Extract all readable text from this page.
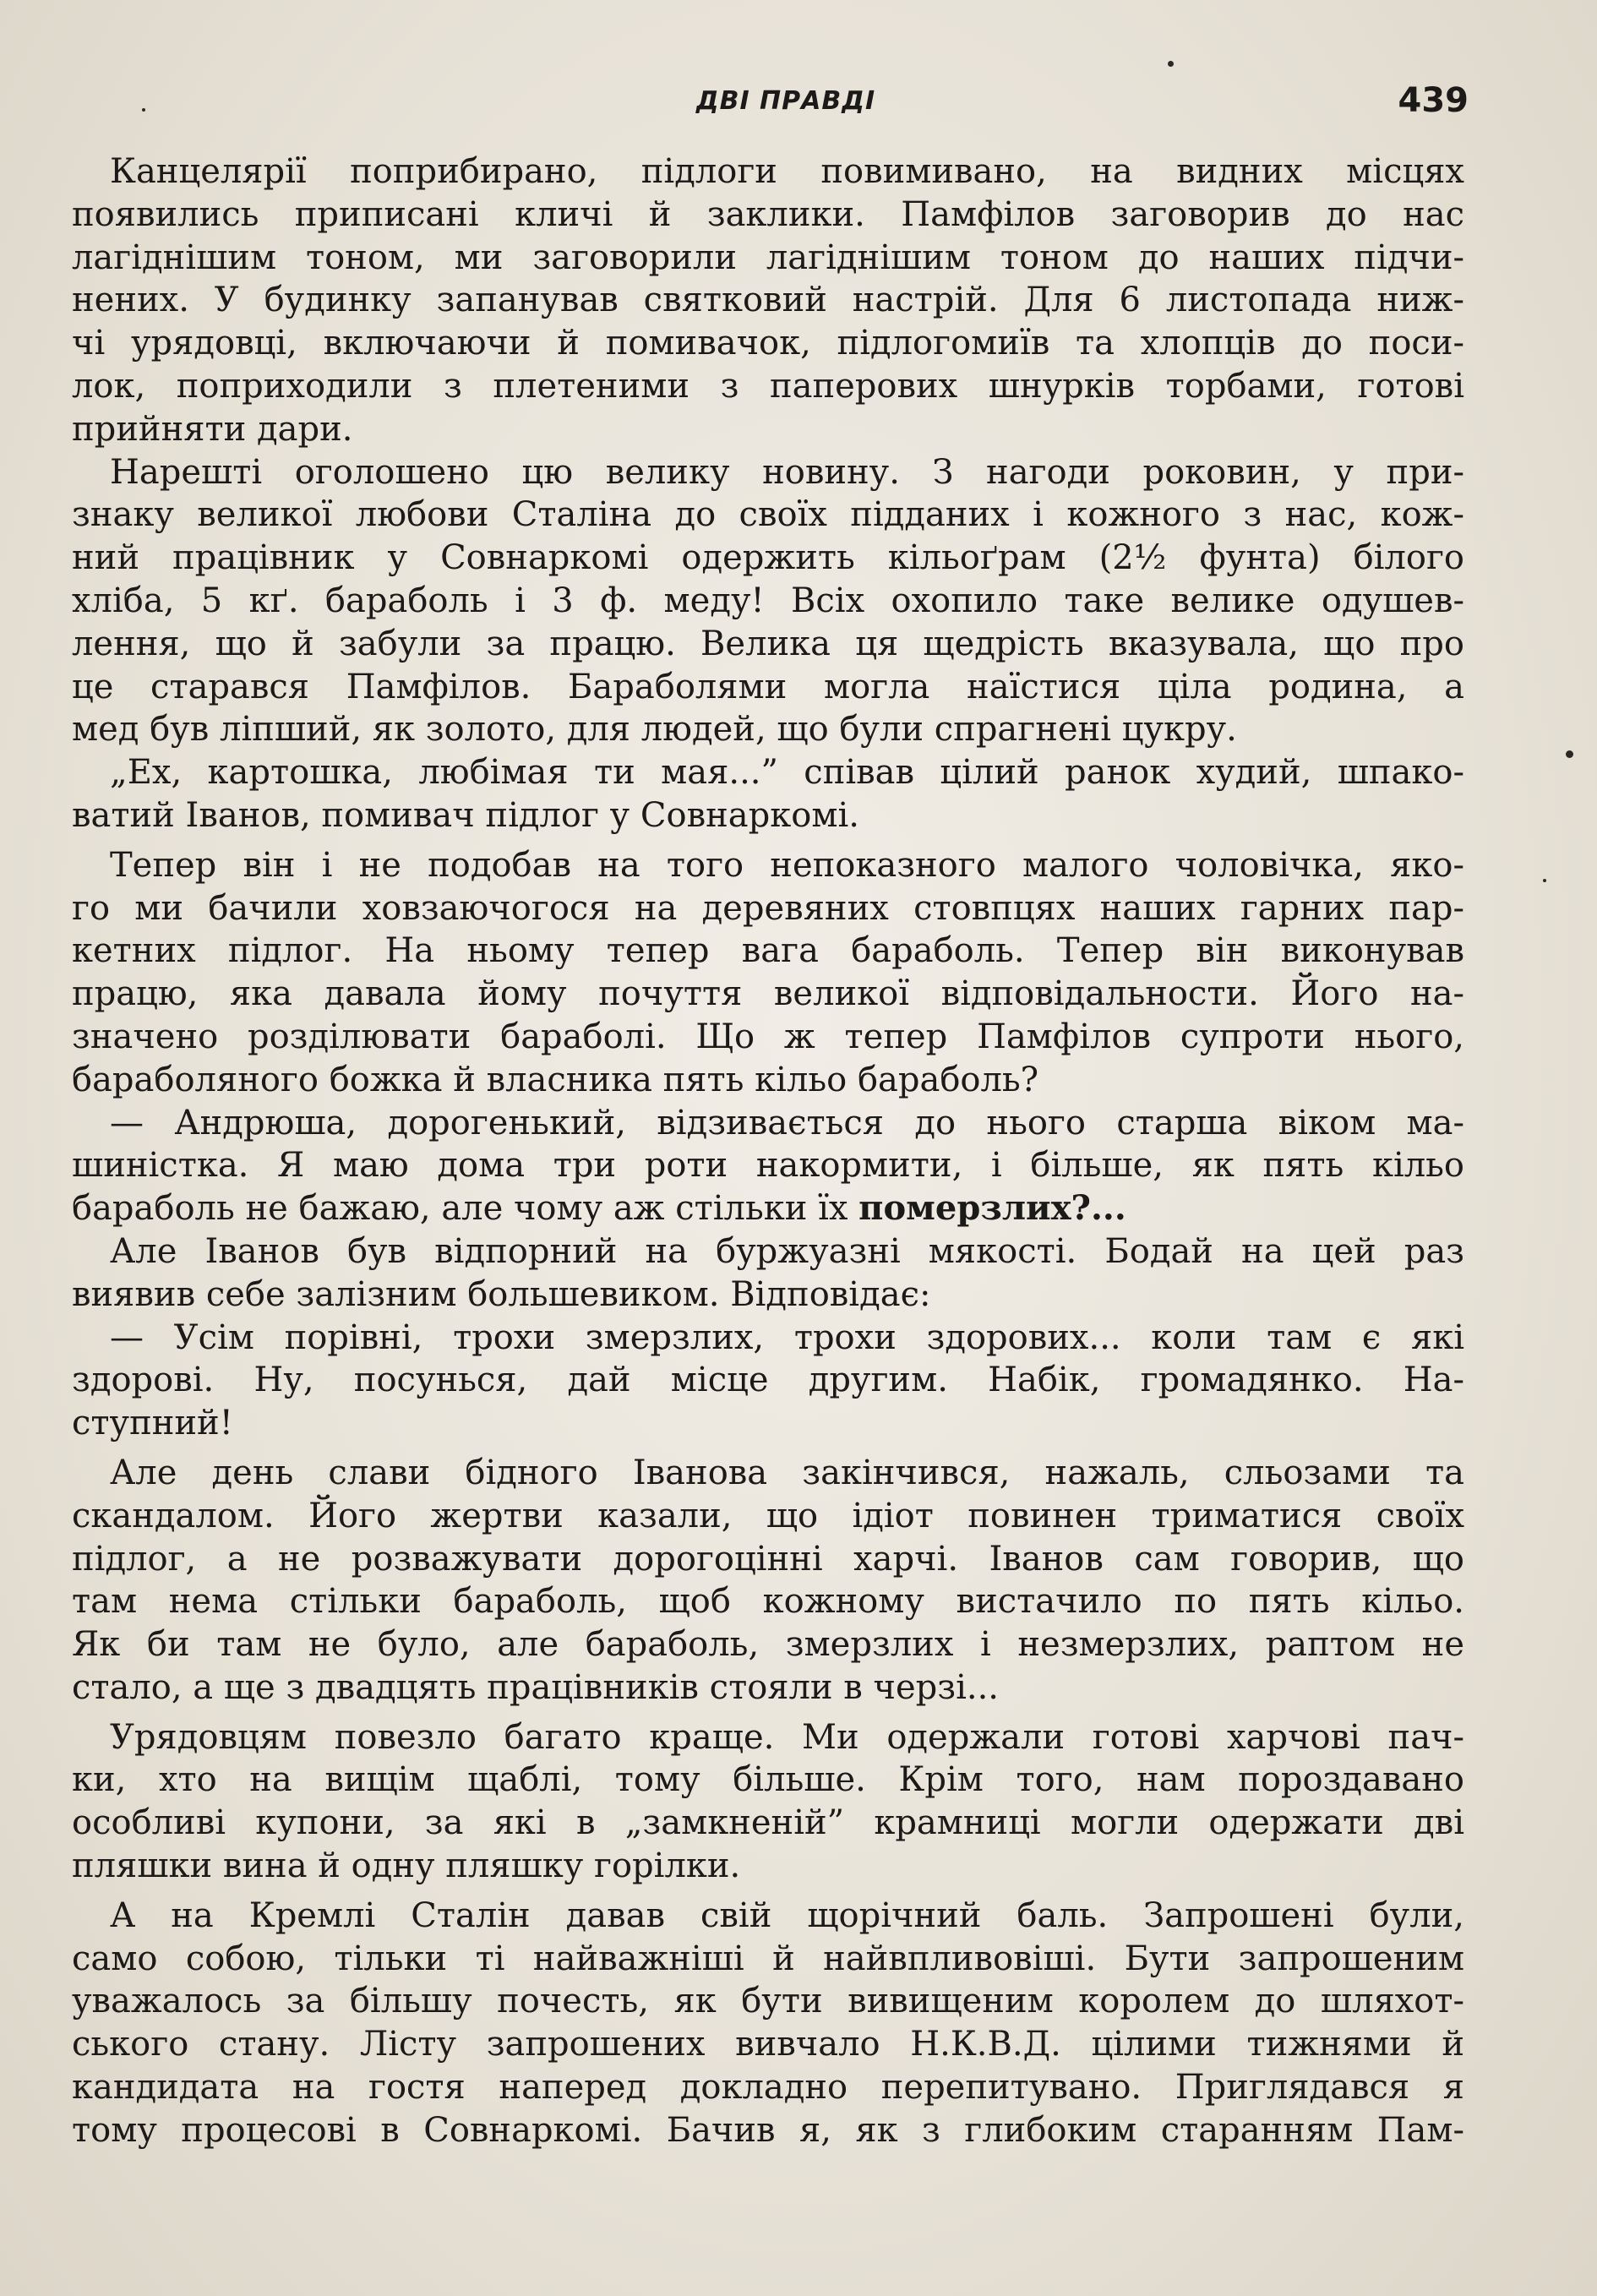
ДВІ ПРАВДІ	439
Канцелярії поприбирано, підлоги повимивано, на видних місцях
появились приписані кличі й заклики. Памфілов заговорив до нас
лагіднішим тоном, ми заговорили лагіднішим тоном до наших підчи-
нених. У будинку запанував святковий настрій. Для 6 листопада ниж-
чі урядовці, включаючи й помивачок, підлогомиїв та хлопців до поси-
лок, поприходили з плетеними з паперових шнурків торбами, готові
прийняти дари.
Нарешті оголошено цю велику новину. З нагоди роковин, у при-
знаку великої любови Сталіна до своїх підданих і кожного з нас, кож-
ний працівник у Совнаркомі одержить кільоґрам (2½ фунта) білого
хліба, 5 кґ. бараболь і 3 ф. меду! Всіх охопило таке велике одушев-
лення, що й забули за працю. Велика ця щедрість вказувала, що про
це старався Памфілов. Бараболями могла наїстися ціла родина, а
мед був ліпший, як золото, для людей, що були спрагнені цукру.
„Ех, картошка, любімая ти мая...” співав цілий ранок худий, шпако-
ватий Іванов, помивач підлог у Совнаркомі.
Тепер він і не подобав на того непоказного малого чоловічка, яко-
го ми бачили ховзаючогося на деревяних стовпцях наших гарних пар-
кетних підлог. На ньому тепер вага бараболь. Тепер він виконував
працю, яка давала йому почуття великої відповідальности. Його на-
значено розділювати бараболі. Що ж тепер Памфілов супроти нього,
бараболяного божка й власника пять кільо бараболь?
— Андрюша, дорогенький, відзивається до нього старша віком ма-
шиністка. Я маю дома три роти накормити, і більше, як пять кільо
бараболь не бажаю, але чому аж стільки їх померзлих?...
Але Іванов був відпорний на буржуазні мякості. Бодай на цей раз
виявив себе залізним большевиком. Відповідає:
— Усім порівні, трохи змерзлих, трохи здорових... коли там є які
здорові. Ну, посунься, дай місце другим. Набік, громадянко. На-
ступний!
Але день слави бідного Іванова закінчився, нажаль, сльозами та
скандалом. Його жертви казали, що ідіот повинен триматися своїх
підлог, а не розважувати дорогоцінні харчі. Іванов сам говорив, що
там нема стільки бараболь, щоб кожному вистачило по пять кільо.
Як би там не було, але бараболь, змерзлих і незмерзлих, раптом не
стало, а ще з двадцять працівників стояли в черзі...
Урядовцям повезло багато краще. Ми одержали готові харчові пач-
ки, хто на вищім щаблі, тому більше. Крім того, нам пороздавано
особливі купони, за які в „замкненій” крамниці могли одержати дві
пляшки вина й одну пляшку горілки.
А на Кремлі Сталін давав свій щорічний баль. Запрошені були,
само собою, тільки ті найважніші й найвпливовіші. Бути запрошеним
уважалось за більшу почесть, як бути вивищеним королем до шляхот-
ського стану. Лісту запрошених вивчало Н.К.В.Д. цілими тижнями й
кандидата на гостя наперед докладно перепитувано. Приглядався я
тому процесові в Совнаркомі. Бачив я, як з глибоким старанням Пам-
